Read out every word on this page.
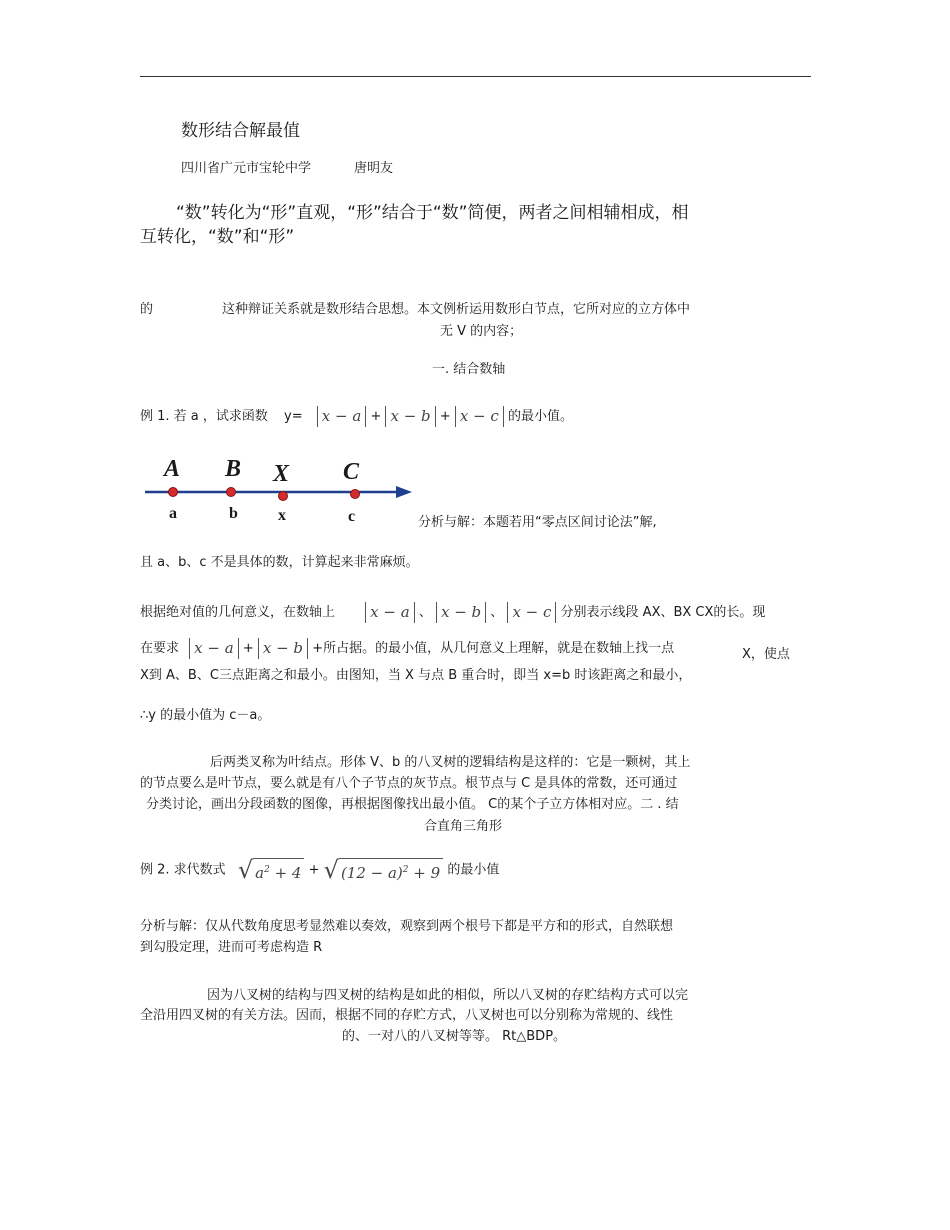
数形结合解最值
四川省广元市宝轮中学	唐明友
“数”转化为“形”直观，“形”结合于“数”简便，两者之间相辅相成，相
互转化，“数”和“形”
的	这种辩证关系就是数形结合思想。本文例析运用数形白节点，它所对应的立方体中
无 V 的内容；
一. 结合数轴
例 1. 若 a ，试求函数 y= x − a + x − b + x − c 的最小值。
A B X C
a	b	x	c	分析与解：本题若用“零点区间讨论法”解,
且 a、b、c 不是具体的数，计算起来非常麻烦。
根据绝对值的几何意义，在数轴上 x − a 、 x − b 、 x − c 分别表示线段 AX、BX CX的长。现
在要求 x − a + x − b +所占据。的最小值，从几何意义上理解，就是在数轴上找一点	X，使点
X到 A、B、C三点距离之和最小。由图知，当 X 与点 B 重合时，即当 x=b 时该距离之和最小，
∴y 的最小值为 c－a。
后两类叉称为叶结点。形体 V、b 的八叉树的逻辑结构是这样的：它是一颗树，其上
的节点要么是叶节点，要么就是有八个子节点的灰节点。根节点与 C 是具体的常数，还可通过
分类讨论，画出分段函数的图像，再根据图像找出最小值。 C的某个子立方体相对应。二 . 结
合直角三角形
例 2. 求代数式 √ $a^2 + 4$ + √ $(12 - a)^2 + 9$ 的最小值
分析与解：仅从代数角度思考显然难以奏效，观察到两个根号下都是平方和的形式，自然联想
到勾股定理，进而可考虑构造 R
因为八叉树的结构与四叉树的结构是如此的相似，所以八叉树的存贮结构方式可以完
全沿用四叉树的有关方法。因而，根据不同的存贮方式，八叉树也可以分别称为常规的、线性
的、一对八的八叉树等等。 Rt△BDP。
